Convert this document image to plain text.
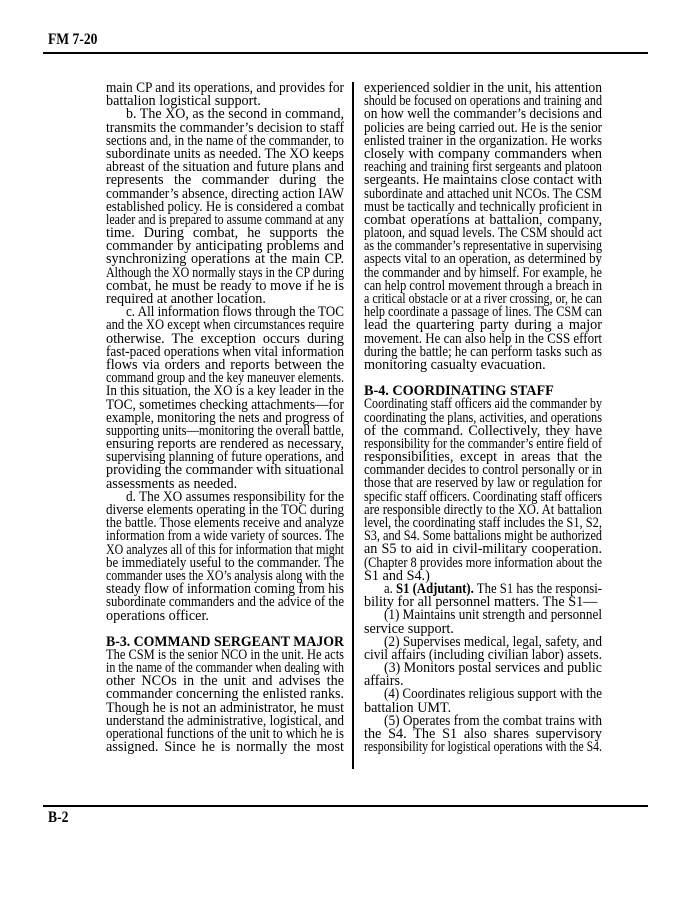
FM 7-20
main CP and its operations, and provides for
battalion logistical support.
b. The XO, as the second in command,
transmits the commander’s decision to staff
sections and, in the name of the commander, to
subordinate units as needed. The XO keeps
abreast of the situation and future plans and
represents the commander during the
commander’s absence, directing action IAW
established policy. He is considered a combat
leader and is prepared to assume command at any
time. During combat, he supports the
commander by anticipating problems and
synchronizing operations at the main CP.
Although the XO normally stays in the CP during
combat, he must be ready to move if he is
required at another location.
c. All information flows through the TOC
and the XO except when circumstances require
otherwise. The exception occurs during
fast-paced operations when vital information
flows via orders and reports between the
command group and the key maneuver elements.
In this situation, the XO is a key leader in the
TOC, sometimes checking attachments—for
example, monitoring the nets and progress of
supporting units—monitoring the overall battle,
ensuring reports are rendered as necessary,
supervising planning of future operations, and
providing the commander with situational
assessments as needed.
d. The XO assumes responsibility for the
diverse elements operating in the TOC during
the battle. Those elements receive and analyze
information from a wide variety of sources. The
XO analyzes all of this for information that might
be immediately useful to the commander. The
commander uses the XO’s analysis along with the
steady flow of information coming from his
subordinate commanders and the advice of the
operations officer.
B-3. COMMAND SERGEANT MAJOR
The CSM is the senior NCO in the unit. He acts
in the name of the commander when dealing with
other NCOs in the unit and advises the
commander concerning the enlisted ranks.
Though he is not an administrator, he must
understand the administrative, logistical, and
operational functions of the unit to which he is
assigned. Since he is normally the most
experienced soldier in the unit, his attention
should be focused on operations and training and
on how well the commander’s decisions and
policies are being carried out. He is the senior
enlisted trainer in the organization. He works
closely with company commanders when
reaching and training first sergeants and platoon
sergeants. He maintains close contact with
subordinate and attached unit NCOs. The CSM
must be tactically and technically proficient in
combat operations at battalion, company,
platoon, and squad levels. The CSM should act
as the commander’s representative in supervising
aspects vital to an operation, as determined by
the commander and by himself. For example, he
can help control movement through a breach in
a critical obstacle or at a river crossing, or, he can
help coordinate a passage of lines. The CSM can
lead the quartering party during a major
movement. He can also help in the CSS effort
during the battle; he can perform tasks such as
monitoring casualty evacuation.
B-4. COORDINATING STAFF
Coordinating staff officers aid the commander by
coordinating the plans, activities, and operations
of the command. Collectively, they have
responsibility for the commander’s entire field of
responsibilities, except in areas that the
commander decides to control personally or in
those that are reserved by law or regulation for
specific staff officers. Coordinating staff officers
are responsible directly to the XO. At battalion
level, the coordinating staff includes the S1, S2,
S3, and S4. Some battalions might be authorized
an S5 to aid in civil-military cooperation.
(Chapter 8 provides more information about the
S1 and S4.)
a. S1 (Adjutant). The S1 has the responsi-
bility for all personnel matters. The S1—
(1) Maintains unit strength and personnel
service support.
(2) Supervises medical, legal, safety, and
civil affairs (including civilian labor) assets.
(3) Monitors postal services and public
affairs.
(4) Coordinates religious support with the
battalion UMT.
(5) Operates from the combat trains with
the S4. The S1 also shares supervisory
responsibility for logistical operations with the S4.
B-2
